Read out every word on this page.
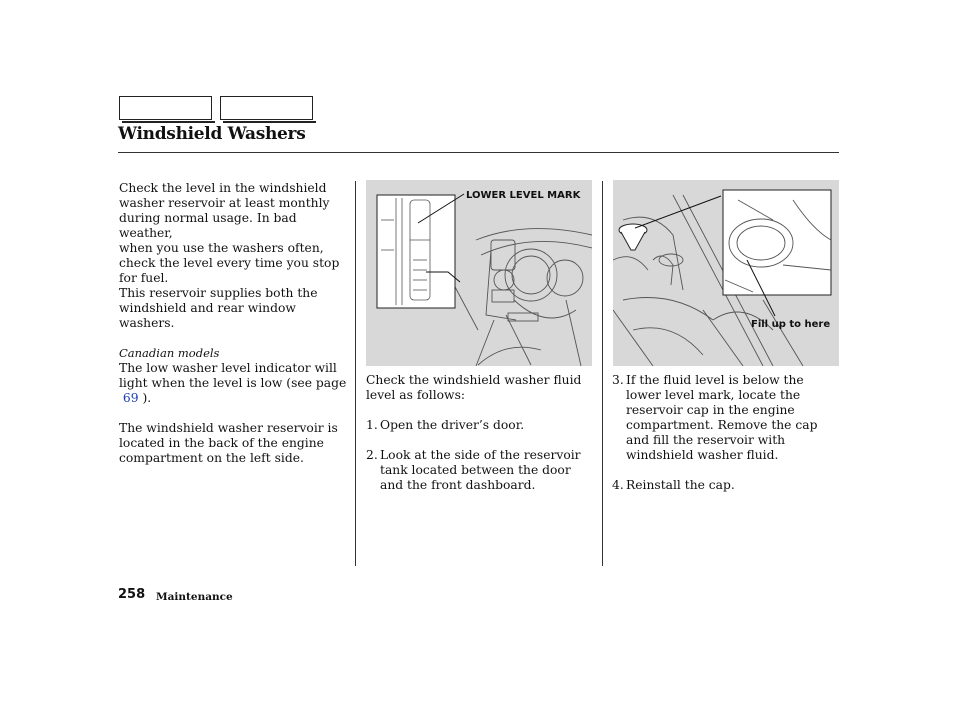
Windshield Washers

Check the level in the windshield
washer reservoir at least monthly
during normal usage. In bad weather,
when you use the washers often,
check the level every time you stop
for fuel.

This reservoir supplies both the
windshield and rear window washers.

Canadian models

The low washer level indicator will
light when the level is low (see page
69 ).

The windshield washer reservoir is
located in the back of the engine
compartment on the left side.

LOWER LEVEL MARK
Fill up to here

Check the windshield washer fluid
level as follows:

1. Open the driver’s door.
2. Look at the side of the reservoir tank located between the door and the front dashboard.
3. If the fluid level is below the lower level mark, locate the reservoir cap in the engine compartment. Remove the cap and fill the reservoir with windshield washer fluid.
4. Reinstall the cap.
258 Maintenance
